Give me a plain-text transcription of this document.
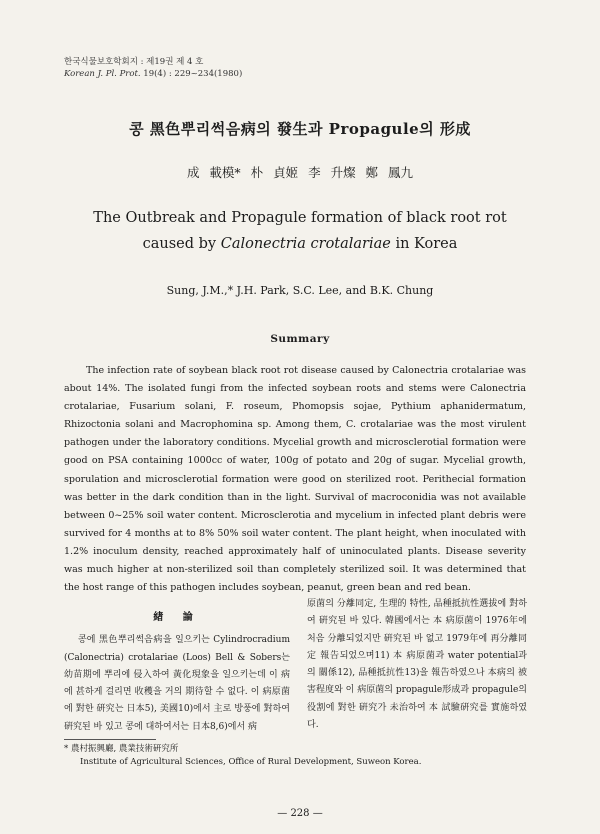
한국식물보호학회지 : 제19권 제 4 호
Korean J. Pl. Prot. 19(4) : 229~234(1980)
콩 黑色뿌리썩음病의 發生과 Propagule의 形成
成 載模* 朴 貞姬 李 升燦 鄭 鳳九
The Outbreak and Propagule formation of black root rot
caused by Calonectria crotalariae in Korea
Sung, J.M.,* J.H. Park, S.C. Lee, and B.K. Chung
Summary

The infection rate of soybean black root rot disease caused by Calonectria crotalariae was about 14%. The isolated fungi from the infected soybean roots and stems were Calonectria crotalariae, Fusarium solani, F. roseum, Phomopsis sojae, Pythium aphanidermatum, Rhizoctonia solani and Macrophomina sp. Among them, C. crotalariae was the most virulent pathogen under the laboratory conditions. Mycelial growth and microsclerotial formation were good on PSA containing 1000cc of water, 100g of potato and 20g of sugar. Mycelial growth, sporulation and microsclerotial formation were good on sterilized root. Perithecial formation was better in the dark condition than in the light. Survival of macroconidia was not available between 0~25% soil water content. Microsclerotia and mycelium in infected plant debris were survived for 4 months at to 8% 50% soil water content. The plant height, when inoculated with 1.2% inoculum density, reached approximately half of uninoculated plants. Disease severity was much higher at non-sterilized soil than completely sterilized soil. It was determined that the host range of this pathogen includes soybean, peanut, green bean and red bean.

緖 論

콩에 黑色뿌리썩음病을 일으키는 Cylindrocradium (Calonectria) crotalariae (Loos) Bell & Sobers는 幼苗期에 뿌리에 侵入하여 黃化現象을 일으키는데 이 病에 甚하게 걸리면 收穫을 거의 期待할 수 없다. 이 病原菌에 對한 硏究는 日本5), 美國10)에서 主로 방풍에 對하여 硏究된 바 있고 콩에 대하여서는 日本8,6)에서 病

原菌의 分離同定, 生理的 特性, 品種抵抗性選拔에 對하여 硏究된 바 있다. 韓國에서는 本 病原菌이 1976年에 처음 分離되었지만 硏究된 바 없고 1979年에 再分離同定 報告되었으며11) 本 病原菌과 water potential과의 關係12), 品種抵抗性13)을 報告하였으나 本病의 被害程度와 이 病原菌의 propagule形成과 propagule의 役割에 對한 硏究가 未治하여 本 試驗硏究를 實施하였다.

* 農村振興廳, 農業技術硏究所
Institute of Agricultural Sciences, Office of Rural Development, Suweon Korea.
— 228 —
